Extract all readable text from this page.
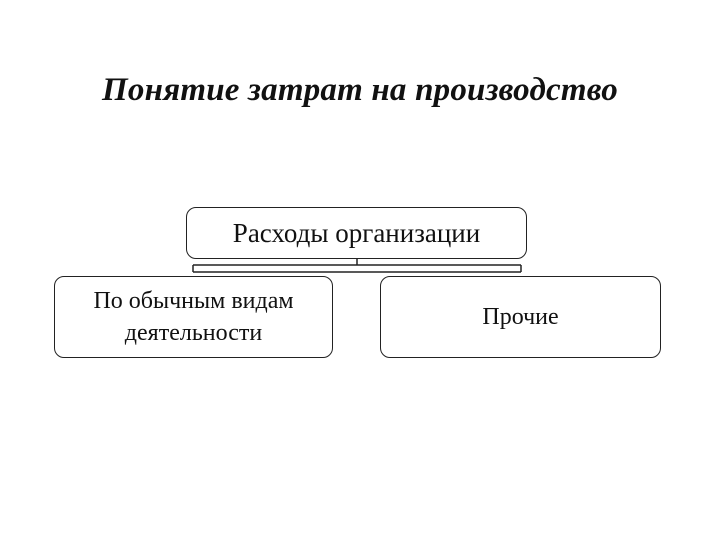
Понятие затрат на производство
Расходы организации
По обычным видам деятельности
Прочие
